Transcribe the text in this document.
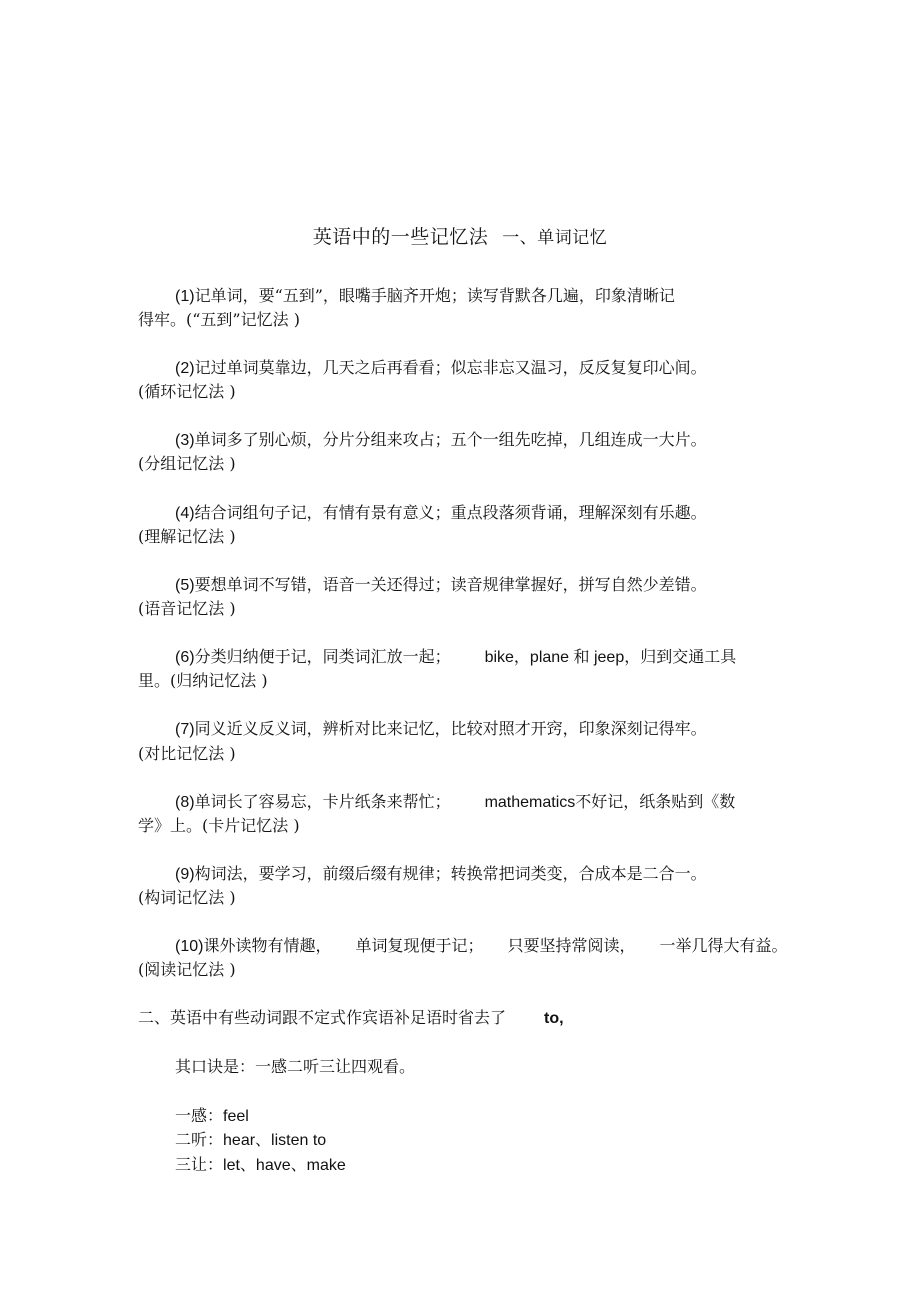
英语中的一些记忆法 一、单词记忆
(1)记单词，要“五到”，眼嘴手脑齐开炮；读写背默各几遍，印象清晰记
得牢。(“五到”记忆法 )
(2)记过单词莫靠边，几天之后再看看；似忘非忘又温习，反反复复印心间。
(循环记忆法 )
(3)单词多了别心烦，分片分组来攻占；五个一组先吃掉，几组连成一大片。
(分组记忆法 )
(4)结合词组句子记，有情有景有意义；重点段落须背诵，理解深刻有乐趣。
(理解记忆法 )
(5)要想单词不写错，语音一关还得过；读音规律掌握好，拼写自然少差错。
(语音记忆法 )
(6)分类归纳便于记，同类词汇放一起； bike，plane 和 jeep，归到交通工具
里。(归纳记忆法 )
(7)同义近义反义词，辨析对比来记忆，比较对照才开窍，印象深刻记得牢。
(对比记忆法 )
(8)单词长了容易忘，卡片纸条来帮忙； mathematics不好记，纸条贴到《数
学》上。(卡片记忆法 )
(9)构词法，要学习，前缀后缀有规律；转换常把词类变，合成本是二合一。
(构词记忆法 )
(10)课外读物有情趣， 单词复现便于记； 只要坚持常阅读， 一举几得大有益。
(阅读记忆法 )
二、英语中有些动词跟不定式作宾语补足语时省去了 to,
其口诀是：一感二听三让四观看。
一感：feel
二听：hear、listen to
三让：let、have、make
